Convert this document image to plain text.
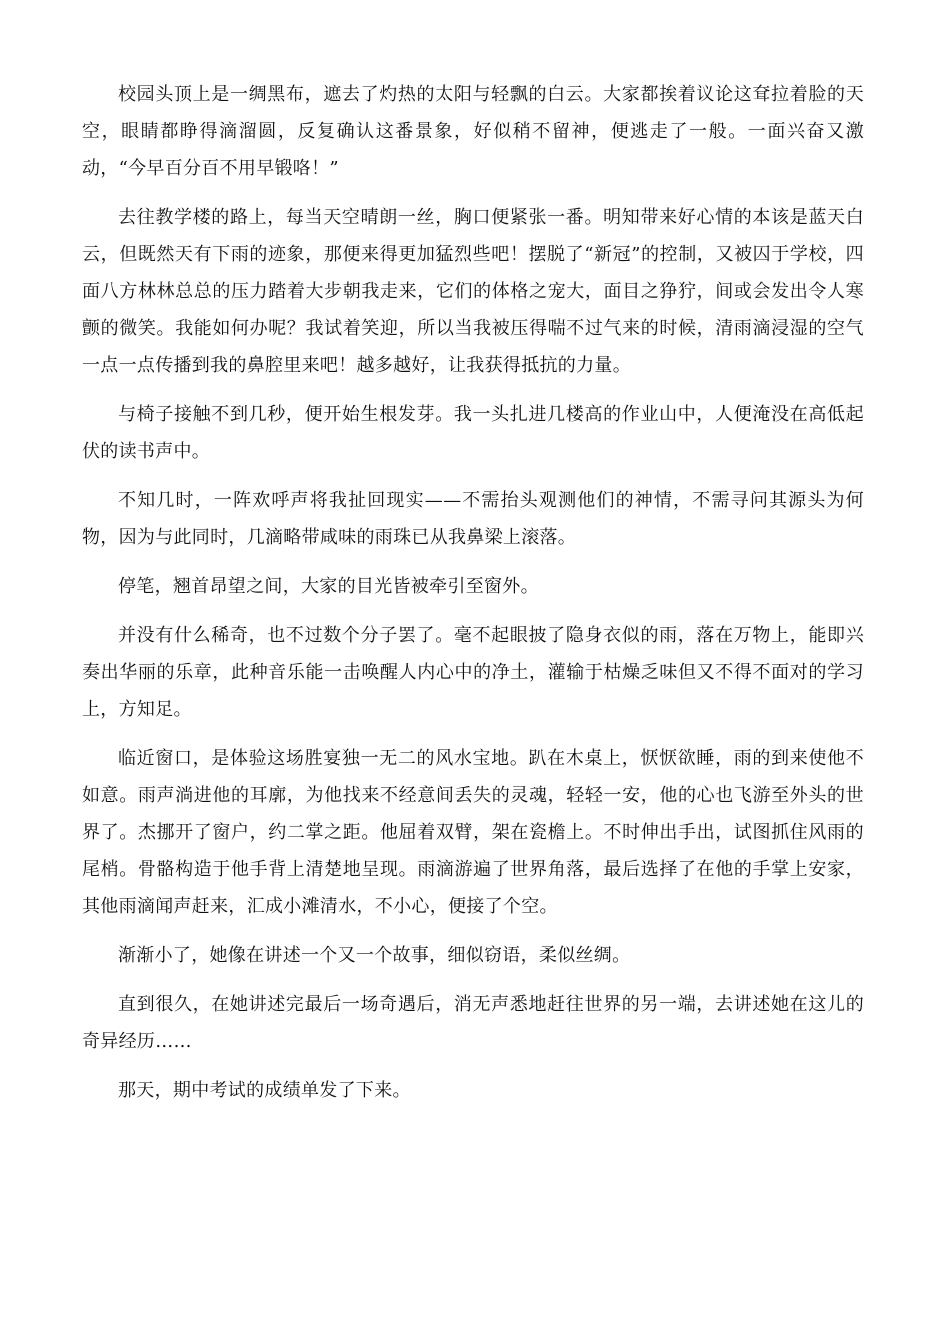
校园头顶上是一绸黑布，遮去了灼热的太阳与轻飘的白云。大家都挨着议论这耷拉着脸的天空，眼睛都睁得滴溜圆，反复确认这番景象，好似稍不留神，便逃走了一般。一面兴奋又激动，“今早百分百不用早锻咯！”

去往教学楼的路上，每当天空晴朗一丝，胸口便紧张一番。明知带来好心情的本该是蓝天白云，但既然天有下雨的迹象，那便来得更加猛烈些吧！摆脱了“新冠”的控制，又被囚于学校，四面八方林林总总的压力踏着大步朝我走来，它们的体格之宠大，面目之狰狞，间或会发出令人寒颤的微笑。我能如何办呢？我试着笑迎，所以当我被压得喘不过气来的时候，清雨滴浸湿的空气一点一点传播到我的鼻腔里来吧！越多越好，让我获得抵抗的力量。

与椅子接触不到几秒，便开始生根发芽。我一头扎进几楼高的作业山中，人便淹没在高低起伏的读书声中。

不知几时，一阵欢呼声将我扯回现实——不需抬头观测他们的神情，不需寻问其源头为何物，因为与此同时，几滴略带咸味的雨珠已从我鼻梁上滚落。

停笔，翘首昂望之间，大家的目光皆被牵引至窗外。

并没有什么稀奇，也不过数个分子罢了。毫不起眼披了隐身衣似的雨，落在万物上，能即兴奏出华丽的乐章，此种音乐能一击唤醒人内心中的净土，灌输于枯燥乏味但又不得不面对的学习上，方知足。

临近窗口，是体验这场胜宴独一无二的风水宝地。趴在木桌上，恹恹欲睡，雨的到来使他不如意。雨声淌进他的耳廓，为他找来不经意间丢失的灵魂，轻轻一安，他的心也飞游至外头的世界了。杰挪开了窗户，约二掌之距。他屈着双臂，架在瓷檐上。不时伸出手出，试图抓住风雨的尾梢。骨骼构造于他手背上清楚地呈现。雨滴游遍了世界角落，最后选择了在他的手掌上安家，其他雨滴闻声赶来，汇成小滩清水，不小心，便接了个空。

渐渐小了，她像在讲述一个又一个故事，细似窃语，柔似丝绸。

直到很久，在她讲述完最后一场奇遇后，消无声悉地赶往世界的另一端，去讲述她在这儿的奇异经历……

那天，期中考试的成绩单发了下来。
